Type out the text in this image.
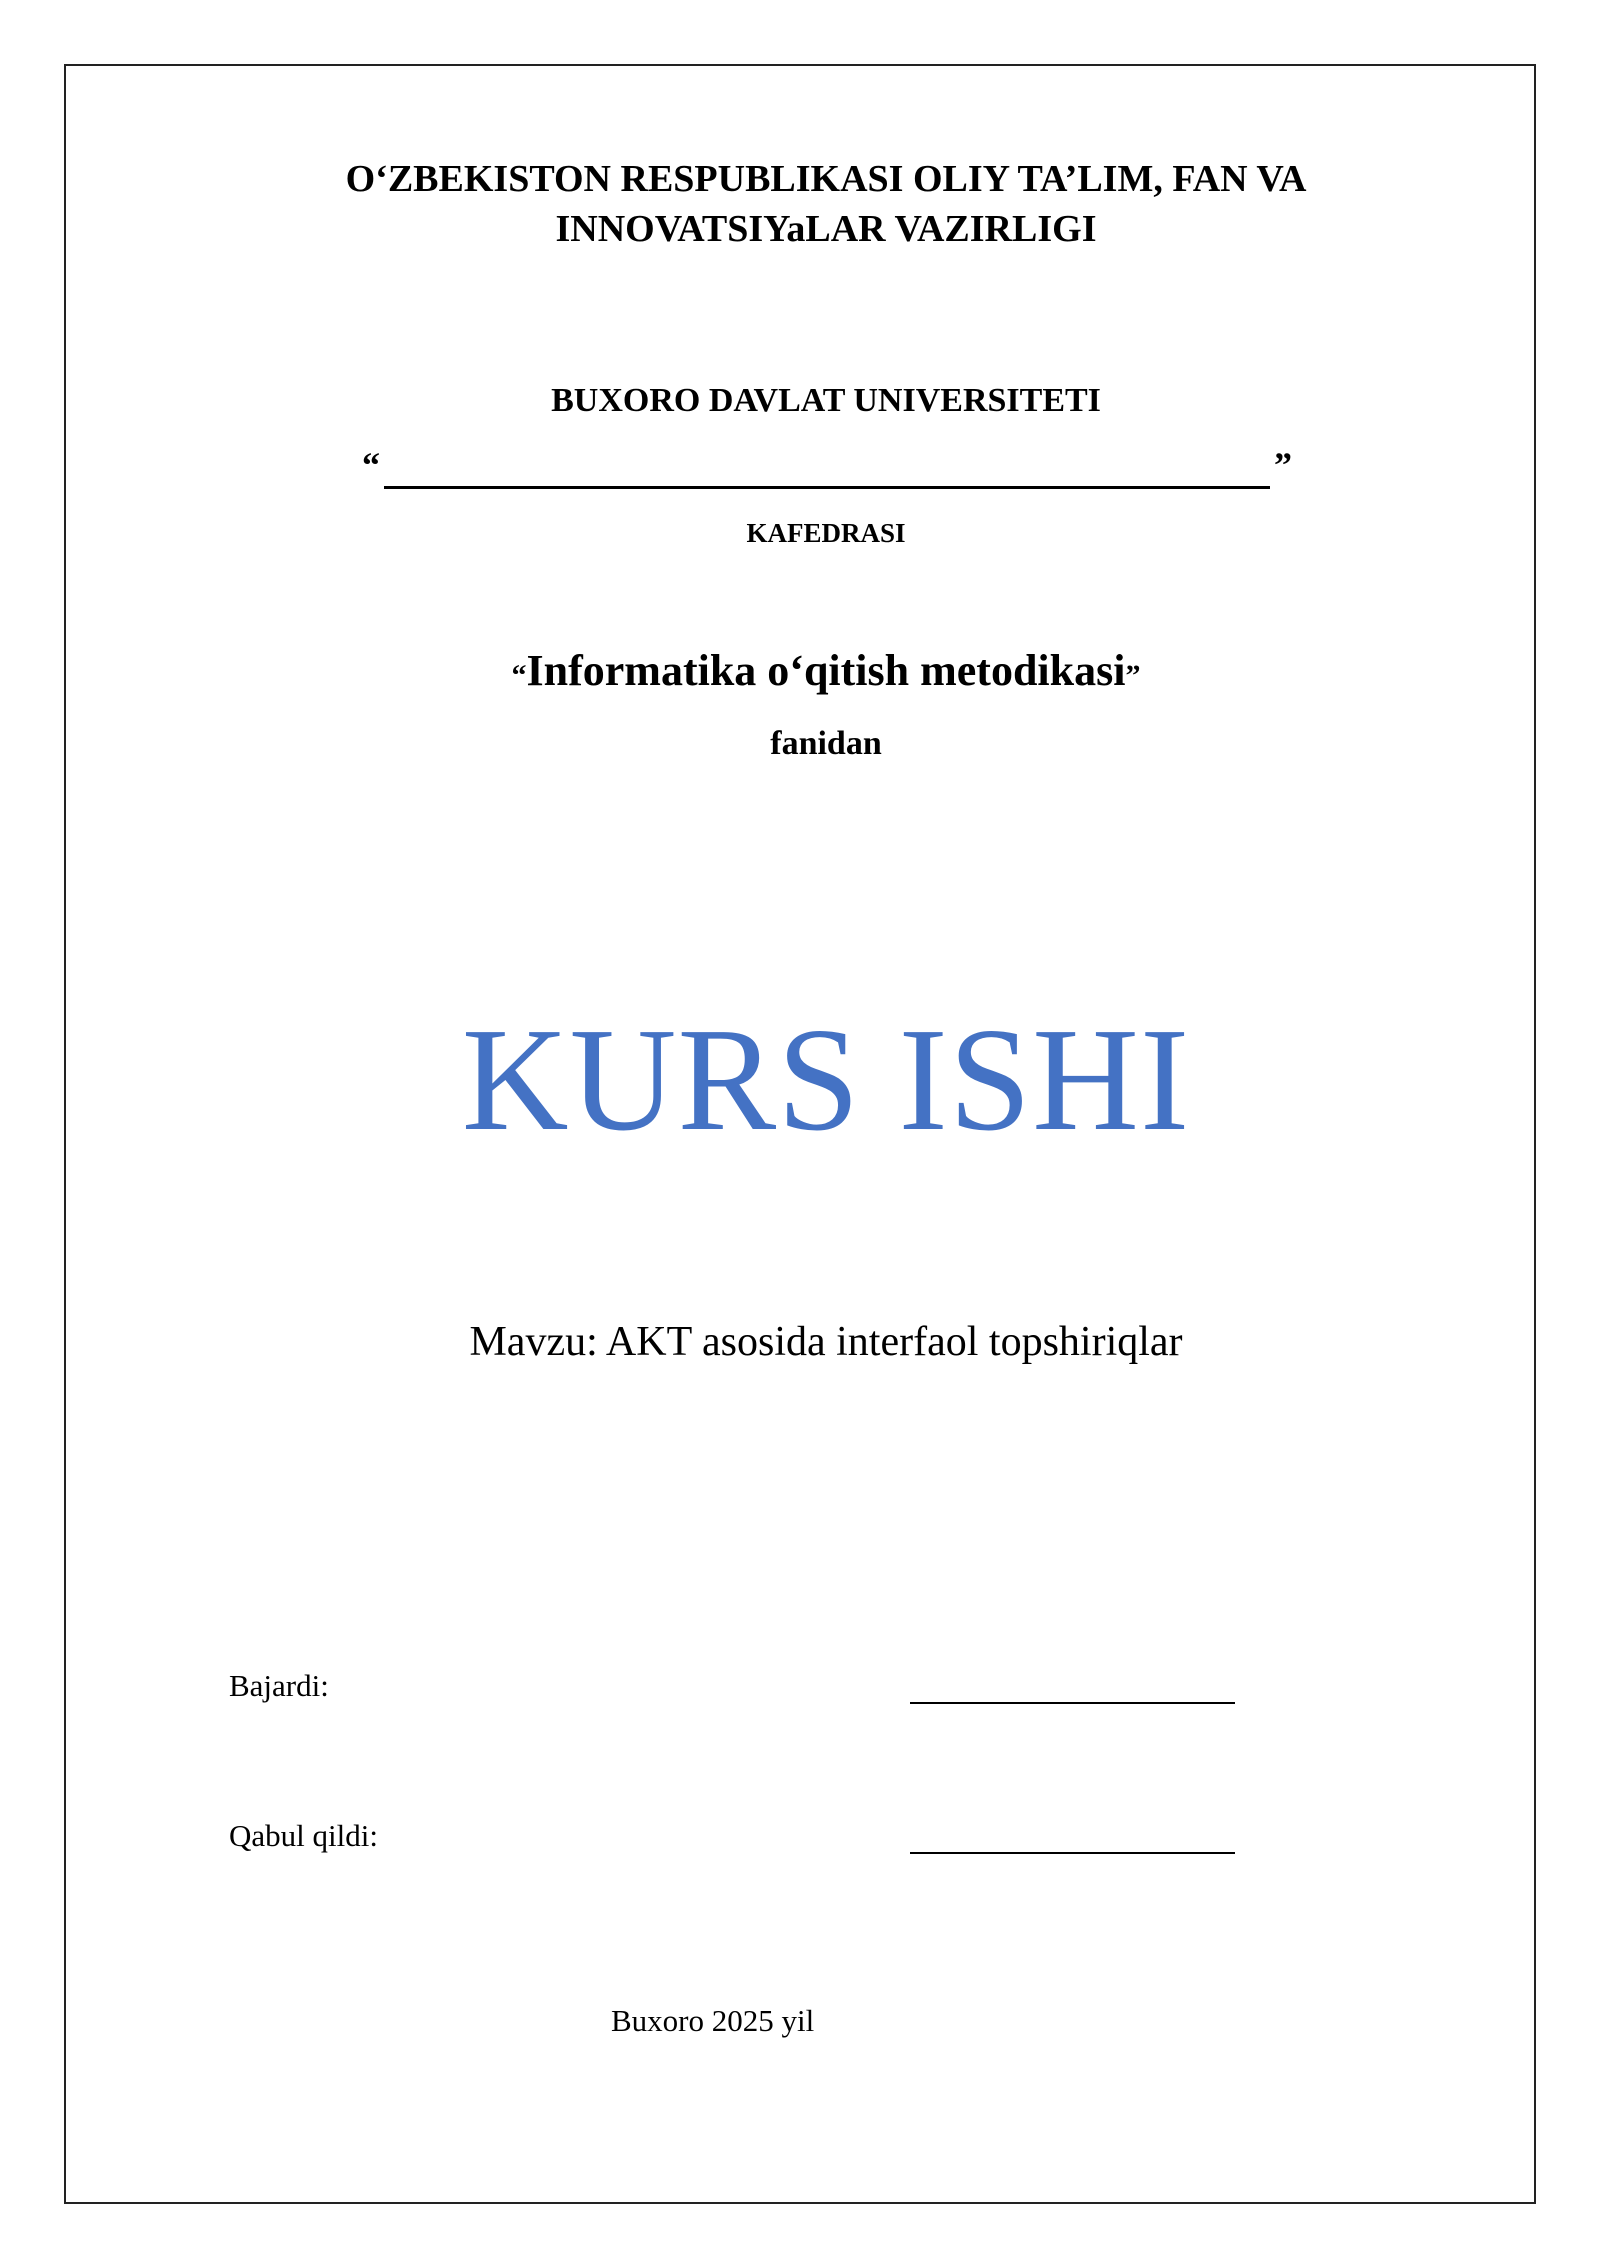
O‘ZBEKISTON RESPUBLIKASI OLIY TA’LIM, FAN VA
INNOVATSIYaLAR VAZIRLIGI
BUXORO DAVLAT UNIVERSITETI
“	”
KAFEDRASI
“Informatika o‘qitish metodikasi”
fanidan
KURS ISHI
Mavzu: AKT asosida interfaol topshiriqlar
Bajardi:
Qabul qildi:
Buxoro 2025 yil
